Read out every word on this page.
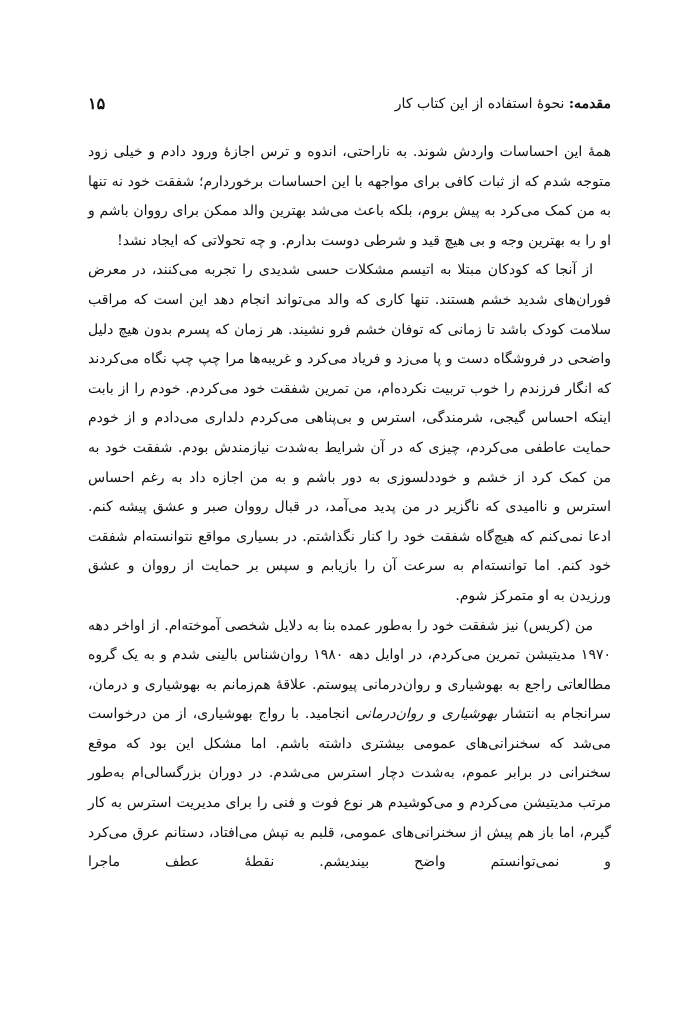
مقدمه: نحوهٔ استفاده از این کتاب کار
۱۵

همهٔ این احساسات واردش شوند. به ناراحتی، اندوه و ترس اجازهٔ ورود دادم و خیلی زود متوجه شدم که از ثبات کافی برای مواجهه با این احساسات برخوردارم؛ شفقت خود نه تنها به من کمک می‌کرد به پیش بروم، بلکه باعث می‌شد بهترین والد ممکن برای رووان باشم و او را به بهترین وجه و بی هیچ قید و شرطی دوست بدارم. و چه تحولاتی که ایجاد نشد!

از آنجا که کودکان مبتلا به اتیسم مشکلات حسی شدیدی را تجربه می‌کنند، در معرض فوران‌های شدید خشم هستند. تنها کاری که والد می‌تواند انجام دهد این است که مراقب سلامت کودک باشد تا زمانی که توفان خشم فرو نشیند. هر زمان که پسرم بدون هیچ دلیل واضحی در فروشگاه دست و پا می‌زد و فریاد می‌کرد و غریبه‌ها مرا چپ چپ نگاه می‌کردند که انگار فرزندم را خوب تربیت نکرده‌ام، من تمرین شفقت خود می‌کردم. خودم را از بابت اینکه احساس گیجی، شرمندگی، استرس و بی‌پناهی می‌کردم دلداری می‌دادم و از خودم حمایت عاطفی می‌کردم، چیزی که در آن شرایط به‌شدت نیازمندش بودم. شفقت خود به من کمک کرد از خشم و خوددلسوزی به دور باشم و به من اجازه داد به رغم احساس استرس و ناامیدی که ناگزیر در من پدید می‌آمد، در قبال رووان صبر و عشق پیشه کنم. ادعا نمی‌کنم که هیچ‌گاه شفقت خود را کنار نگذاشتم. در بسیاری مواقع نتوانسته‌ام شفقت خود کنم. اما توانسته‌ام به سرعت آن را بازیابم و سپس بر حمایت از رووان و عشق ورزیدن به او متمرکز شوم.

من (کریس) نیز شفقت خود را به‌طور عمده بنا به دلایل شخصی آموخته‌ام. از اواخر دهه ۱۹۷۰ مدیتیشن تمرین می‌کردم، در اوایل دهه ۱۹۸۰ روان‌شناس بالینی شدم و به یک گروه مطالعاتی راجع به بهوشیاری و روان‌درمانی پیوستم. علاقهٔ هم‌زمانم به بهوشیاری و درمان، سرانجام به انتشار بهوشیاری و روان‌درمانی انجامید. با رواج بهوشیاری، از من درخواست می‌شد که سخنرانی‌های عمومی بیشتری داشته باشم. اما مشکل این بود که موقع سخنرانی در برابر عموم، به‌شدت دچار استرس می‌شدم. در دوران بزرگسالی‌ام به‌طور مرتب مدیتیشن می‌کردم و می‌کوشیدم هر نوع فوت و فنی را برای مدیریت استرس به کار گیرم، اما باز هم پیش از سخنرانی‌های عمومی، قلبم به تپش می‌افتاد، دستانم عرق می‌کرد و نمی‌توانستم واضح بیندیشم. نقطهٔ عطف ماجرا
